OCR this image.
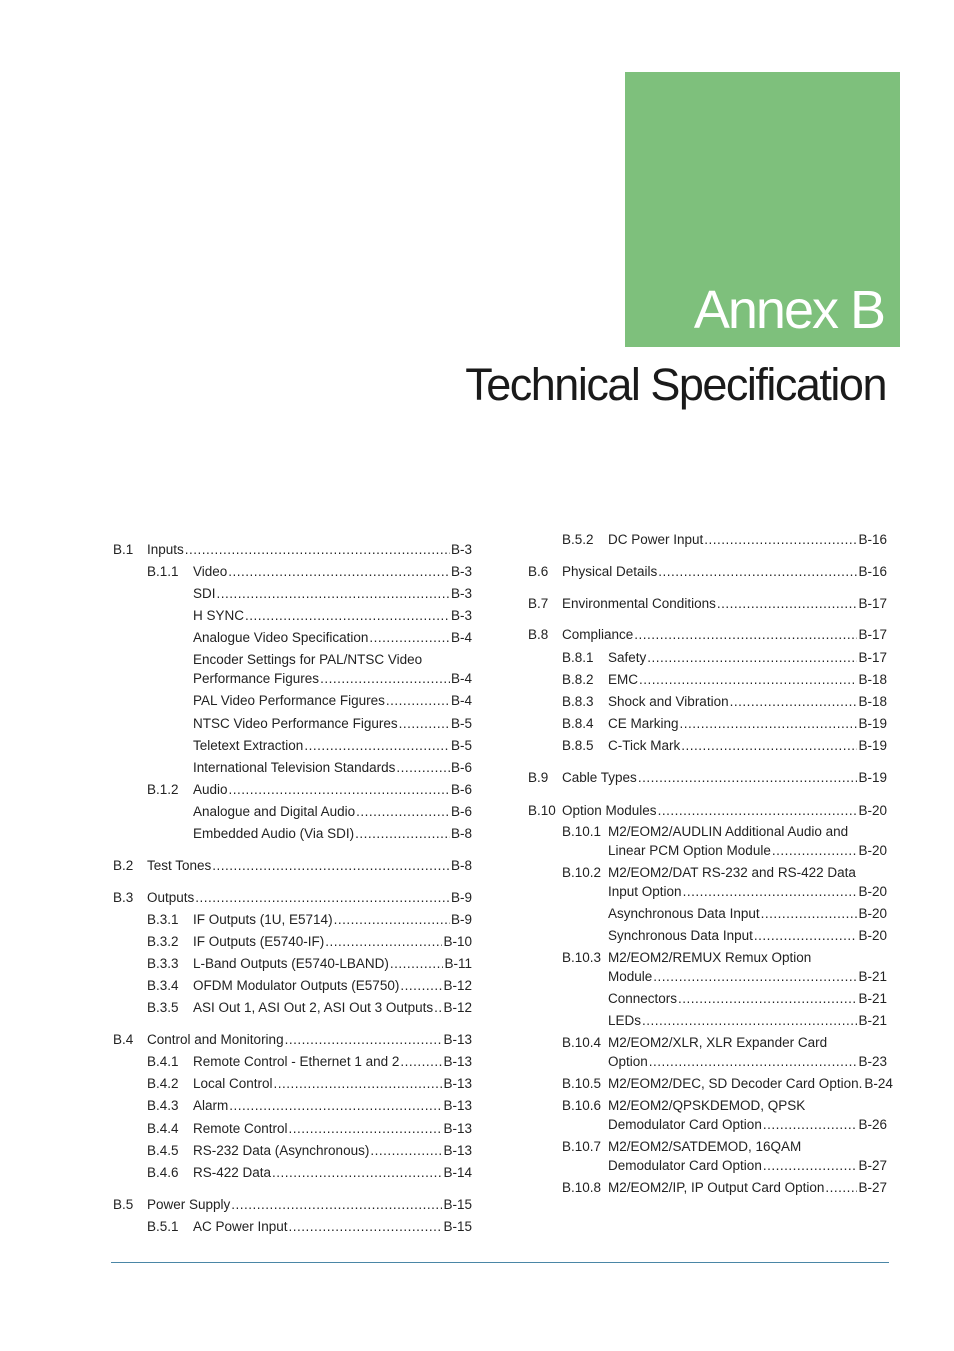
Annex B
Technical Specification
B.1 Inputs .....	B-3
B.1.1 Video .....	B-3
SDI .....	B-3
H SYNC .....	B-3
Analogue Video Specification .....	B-4
Encoder Settings for PAL/NTSC Video
Performance Figures .....	B-4
PAL Video Performance Figures .....	B-4
NTSC Video Performance Figures .....	B-5
Teletext Extraction .....	B-5
International Television Standards .....	B-6
B.1.2 Audio .....	B-6
Analogue and Digital Audio .....	B-6
Embedded Audio (Via SDI) .....	B-8
B.2 Test Tones .....	B-8
B.3 Outputs .....	B-9
B.3.1 IF Outputs (1U, E5714) .....	B-9
B.3.2 IF Outputs (E5740-IF) .....	B-10
B.3.3 L-Band Outputs (E5740-LBAND) .....	B-11
B.3.4 OFDM Modulator Outputs (E5750) .....	B-12
B.3.5 ASI Out 1, ASI Out 2, ASI Out 3 Outputs ..... B-12
B.4 Control and Monitoring .....	B-13
B.4.1 Remote Control - Ethernet 1 and 2 .....	B-13
B.4.2 Local Control .....	B-13
B.4.3 Alarm .....	B-13
B.4.4 Remote Control .....	B-13
B.4.5 RS-232 Data (Asynchronous) .....	B-13
B.4.6 RS-422 Data .....	B-14
B.5 Power Supply .....	B-15
B.5.1 AC Power Input .....	B-15
B.5.2 DC Power Input .....	B-16
B.6 Physical Details .....	B-16
B.7 Environmental Conditions .....	B-17
B.8 Compliance .....	B-17
B.8.1 Safety .....	B-17
B.8.2 EMC .....	B-18
B.8.3 Shock and Vibration .....	B-18
B.8.4 CE Marking .....	B-19
B.8.5 C-Tick Mark .....	B-19
B.9 Cable Types .....	B-19
B.10 Option Modules .....	B-20
B.10.1 M2/EOM2/AUDLIN Additional Audio and
Linear PCM Option Module .....	B-20
B.10.2 M2/EOM2/DAT RS-232 and RS-422 Data
Input Option .....	B-20
Asynchronous Data Input .....	B-20
Synchronous Data Input .....	B-20
B.10.3 M2/EOM2/REMUX Remux Option
Module .....	B-21
Connectors .....	B-21
LEDs .....	B-21
B.10.4 M2/EOM2/XLR, XLR Expander Card
Option .....	B-23
B.10.5 M2/EOM2/DEC, SD Decoder Card Option. B-24
B.10.6 M2/EOM2/QPSKDEMOD, QPSK
Demodulator Card Option .....	B-26
B.10.7 M2/EOM2/SATDEMOD, 16QAM
Demodulator Card Option .....	B-27
B.10.8 M2/EOM2/IP, IP Output Card Option .....	B-27
